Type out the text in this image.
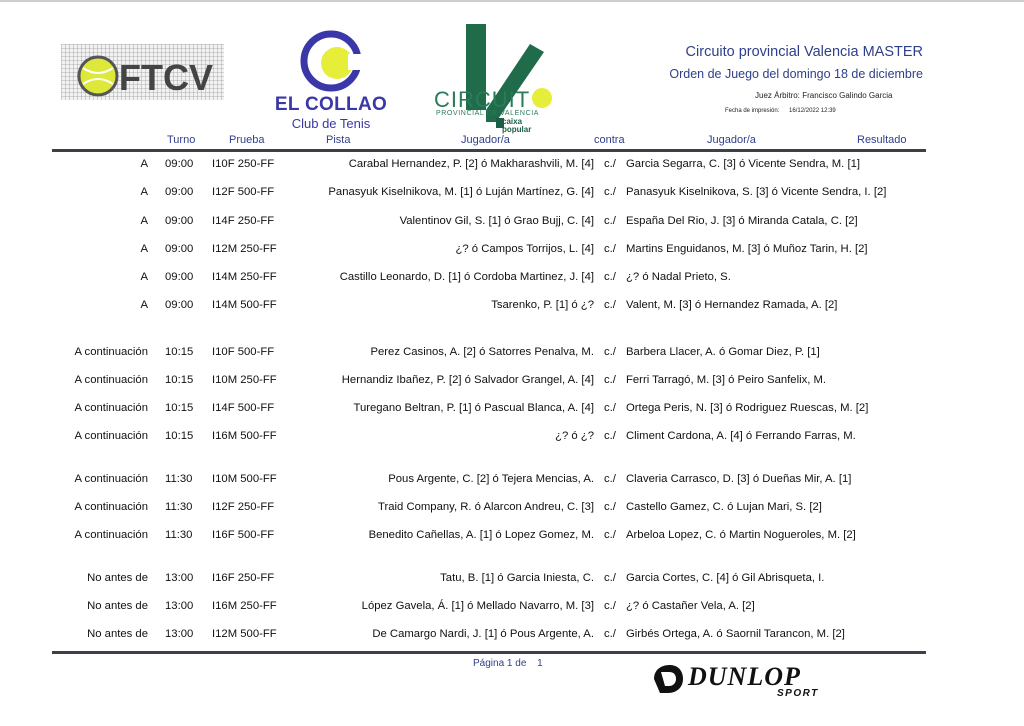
FTCV
EL COLLAO
Club de Tenis
CIRCUIT
PROVINCIAL DE VALENCIA
caixa
popular
Circuito provincial Valencia MASTER
Orden de Juego del domingo 18 de diciembre
Juez Árbitro: Francisco Galindo Garcia
Fecha de impresión: 16/12/2022 12:39
Turno	Prueba	Pista	Jugador/a	contra	Jugador/a	Resultado
A 09:00 I10F 250-FF	Carabal Hernandez, P. [2] ó Makharashvili, M. [4] c./ Garcia Segarra, C. [3] ó Vicente Sendra, M. [1]
A 09:00 I12F 500-FF	Panasyuk Kiselnikova, M. [1] ó Luján Martínez, G. [4] c./ Panasyuk Kiselnikova, S. [3] ó Vicente Sendra, I. [2]
A 09:00 I14F 250-FF	Valentinov Gil, S. [1] ó Grao Bujj, C. [4] c./ España Del Rio, J. [3] ó Miranda Catala, C. [2]
A 09:00 I12M 250-FF	¿? ó Campos Torrijos, L. [4] c./ Martins Enguidanos, M. [3] ó Muñoz Tarin, H. [2]
A 09:00 I14M 250-FF	Castillo Leonardo, D. [1] ó Cordoba Martinez, J. [4] c./ ¿? ó Nadal Prieto, S.
A 09:00 I14M 500-FF	Tsarenko, P. [1] ó ¿? c./ Valent, M. [3] ó Hernandez Ramada, A. [2]
A continuación 10:15 I10F 500-FF	Perez Casinos, A. [2] ó Satorres Penalva, M. c./ Barbera Llacer, A. ó Gomar Diez, P. [1]
A continuación 10:15 I10M 250-FF	Hernandiz Ibañez, P. [2] ó Salvador Grangel, A. [4] c./ Ferri Tarragó, M. [3] ó Peiro Sanfelix, M.
A continuación 10:15 I14F 500-FF	Turegano Beltran, P. [1] ó Pascual Blanca, A. [4] c./ Ortega Peris, N. [3] ó Rodriguez Ruescas, M. [2]
A continuación 10:15 I16M 500-FF	¿? ó ¿? c./ Climent Cardona, A. [4] ó Ferrando Farras, M.
A continuación 11:30 I10M 500-FF	Pous Argente, C. [2] ó Tejera Mencias, A. c./ Claveria Carrasco, D. [3] ó Dueñas Mir, A. [1]
A continuación 11:30 I12F 250-FF	Traid Company, R. ó Alarcon Andreu, C. [3] c./ Castello Gamez, C. ó Lujan Mari, S. [2]
A continuación 11:30 I16F 500-FF	Benedito Cañellas, A. [1] ó Lopez Gomez, M. c./ Arbeloa Lopez, C. ó Martin Nogueroles, M. [2]
No antes de 13:00 I16F 250-FF	Tatu, B. [1] ó Garcia Iniesta, C. c./ Garcia Cortes, C. [4] ó Gil Abrisqueta, I.
No antes de 13:00 I16M 250-FF	López Gavela, Á. [1] ó Mellado Navarro, M. [3] c./ ¿? ó Castañer Vela, A. [2]
No antes de 13:00 I12M 500-FF	De Camargo Nardi, J. [1] ó Pous Argente, A. c./ Girbés Ortega, A. ó Saornil Tarancon, M. [2]
Página 1 de 1	DUNLOP
SPORT
